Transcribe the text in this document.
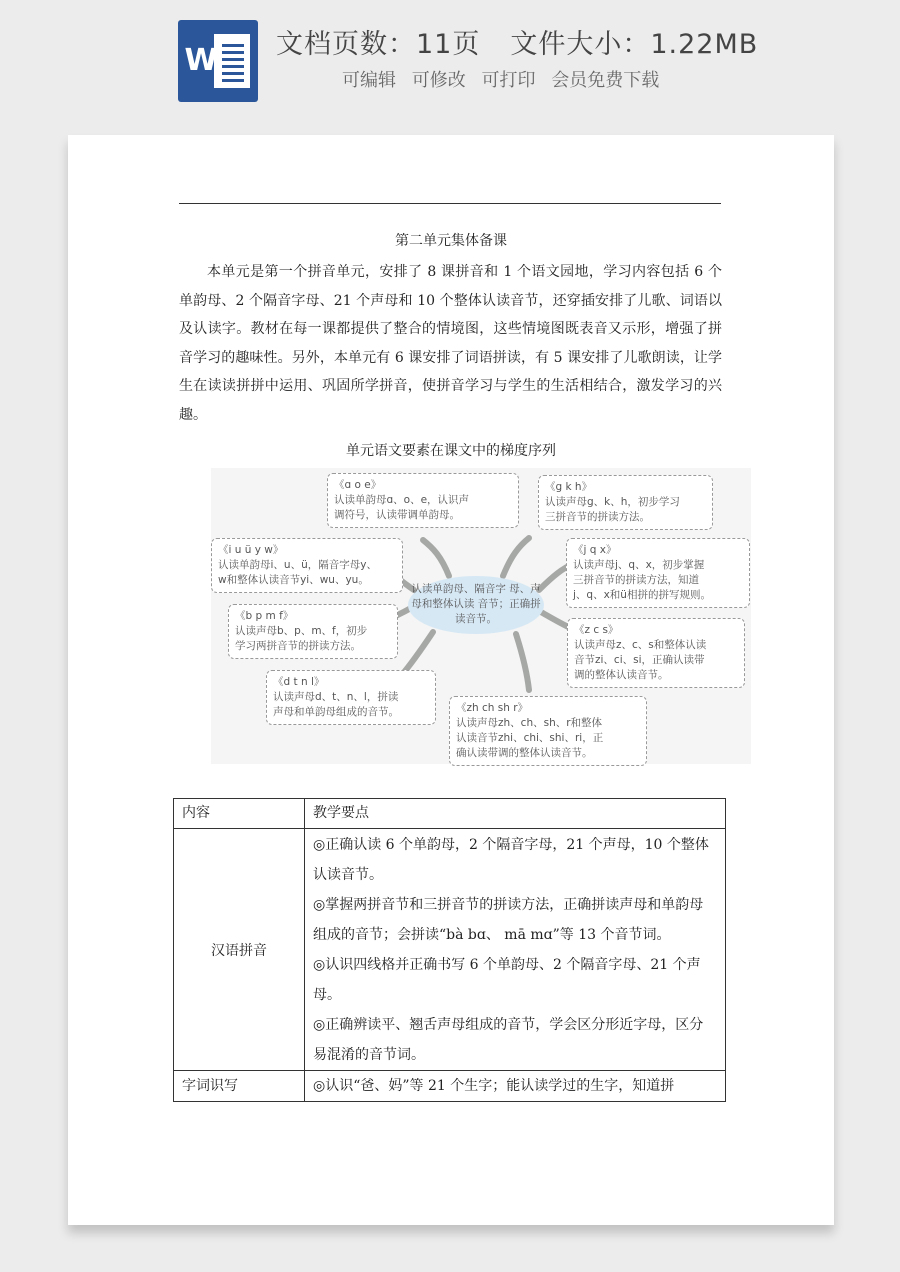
W 文档页数：11页 文件大小：1.22MB
可编辑 可修改 可打印 会员免费下载
第二单元集体备课

本单元是第一个拼音单元，安排了 8 课拼音和 1 个语文园地，学习内容包括 6 个单韵母、2 个隔音字母、21 个声母和 10 个整体认读音节，还穿插安排了儿歌、词语以及认读字。教材在每一课都提供了整合的情境图，这些情境图既表音又示形，增强了拼音学习的趣味性。另外，本单元有 6 课安排了词语拼读，有 5 课安排了儿歌朗读，让学生在读读拼拼中运用、巩固所学拼音，使拼音学习与学生的生活相结合，激发学习的兴趣。

单元语文要素在课文中的梯度序列
认读单韵母、隔音字 母、声母和整体认读 音节；正确拼读音节。
《ɑ o e》
认读单韵母ɑ、o、e，认识声
调符号，认读带调单韵母。
《g k h》
认读声母g、k、h，初步学习
三拼音节的拼读方法。
《i u ü y w》
认读单韵母i、u、ü，隔音字母y、
w和整体认读音节yi、wu、yu。
《j q x》
认读声母j、q、x，初步掌握
三拼音节的拼读方法，知道
j、q、x和ü相拼的拼写规则。
《b p m f》
认读声母b、p、m、f，初步
学习两拼音节的拼读方法。
《z c s》
认读声母z、c、s和整体认读
音节zi、ci、si，正确认读带
调的整体认读音节。
《d t n l》
认读声母d、t、n、l，拼读
声母和单韵母组成的音节。	《zh ch sh r》
认读声母zh、ch、sh、r和整体
认读音节zhi、chi、shi、ri，正
确认读带调的整体认读音节。
内容	教学要点
汉语拼音	◎正确认读 6 个单韵母，2 个隔音字母，21 个声母，10 个整体认读音节。

◎掌握两拼音节和三拼音节的拼读方法，正确拼读声母和单韵母组成的音节；会拼读“bà bɑ、 mā mɑ”等 13 个音节词。

◎认识四线格并正确书写 6 个单韵母、2 个隔音字母、21 个声母。

◎正确辨读平、翘舌声母组成的音节，学会区分形近字母，区分易混淆的音节词。

字词识写	◎认识“爸、妈”等 21 个生字；能认读学过的生字，知道拼
